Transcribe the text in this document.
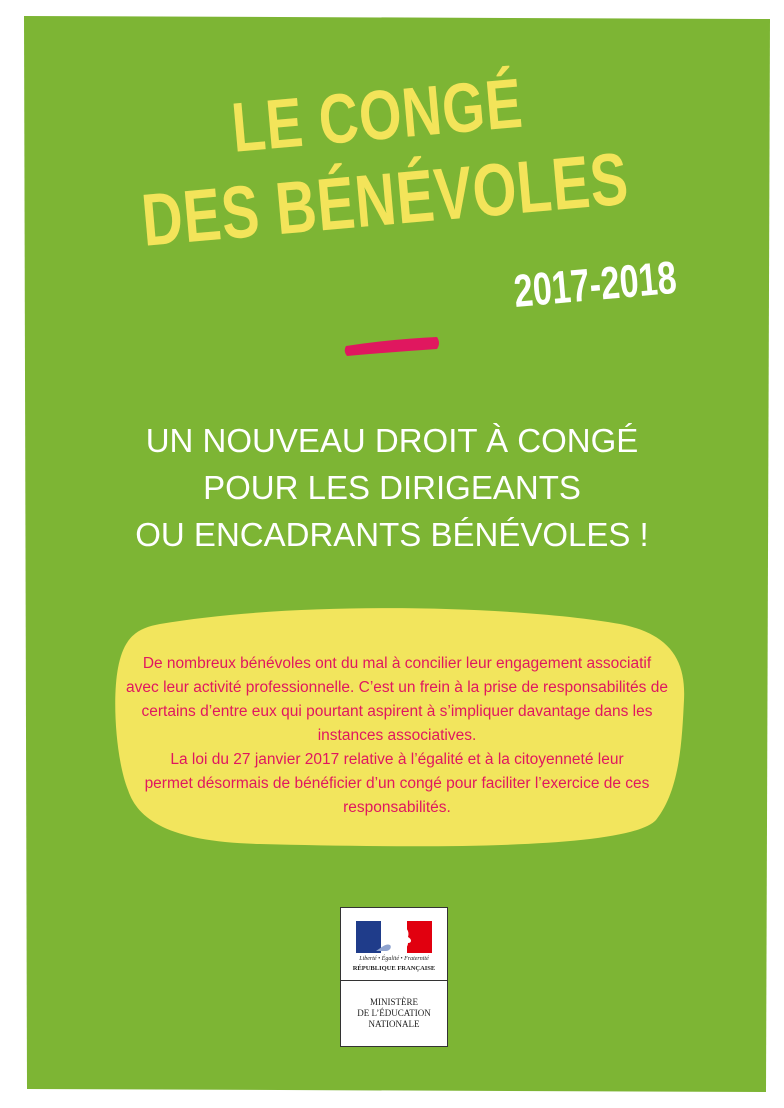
LE CONGÉ
DES BÉNÉVOLES
2017-2018
UN NOUVEAU DROIT À CONGÉ
POUR LES DIRIGEANTS
OU ENCADRANTS BÉNÉVOLES !

De nombreux bénévoles ont du mal à concilier leur engagement associatif

avec leur activité professionnelle. C’est un frein à la prise de responsabilités de

certains d’entre eux qui pourtant aspirent à s’impliquer davantage dans les

instances associatives.

La loi du 27 janvier 2017 relative à l’égalité et à la citoyenneté leur

permet désormais de bénéficier d’un congé pour faciliter l’exercice de ces

responsabilités.

Liberté • Égalité • Fraternité

RÉPUBLIQUE FRANÇAISE

MINISTÈRE

DE L’ÉDUCATION

NATIONALE
